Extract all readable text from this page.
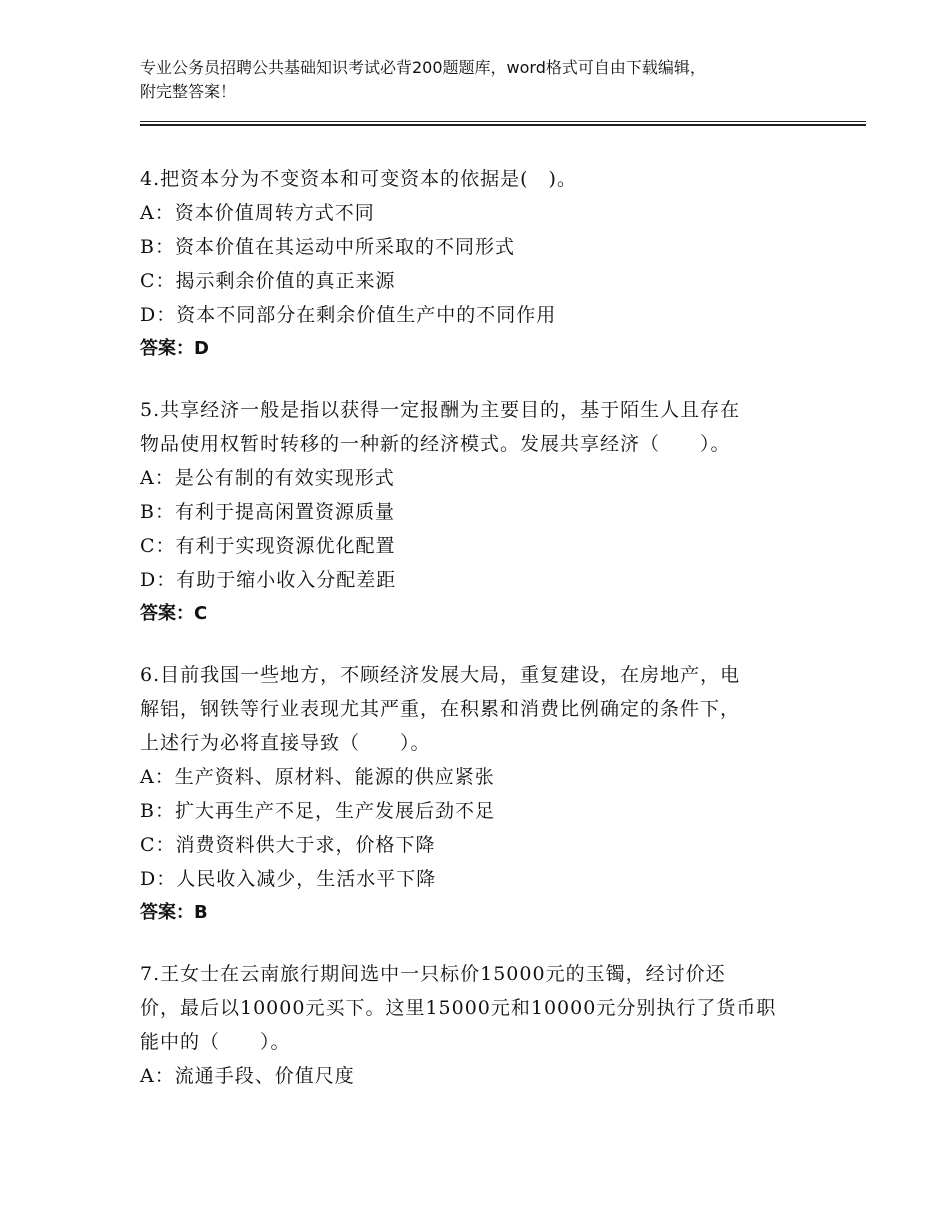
专业公务员招聘公共基础知识考试必背200题题库，word格式可自由下载编辑，
附完整答案！
4.把资本分为不变资本和可变资本的依据是(　)。
A：资本价值周转方式不同
B：资本价值在其运动中所采取的不同形式
C：揭示剩余价值的真正来源
D：资本不同部分在剩余价值生产中的不同作用
答案：D
5.共享经济一般是指以获得一定报酬为主要目的，基于陌生人且存在
物品使用权暂时转移的一种新的经济模式。发展共享经济（　　）。
A：是公有制的有效实现形式
B：有利于提高闲置资源质量
C：有利于实现资源优化配置
D：有助于缩小收入分配差距
答案：C
6.目前我国一些地方，不顾经济发展大局，重复建设，在房地产，电
解铝，钢铁等行业表现尤其严重，在积累和消费比例确定的条件下，
上述行为必将直接导致（　　）。
A：生产资料、原材料、能源的供应紧张
B：扩大再生产不足，生产发展后劲不足
C：消费资料供大于求，价格下降
D：人民收入减少，生活水平下降
答案：B
7.王女士在云南旅行期间选中一只标价15000元的玉镯，经讨价还
价，最后以10000元买下。这里15000元和10000元分别执行了货币职
能中的（　　）。
A：流通手段、价值尺度
